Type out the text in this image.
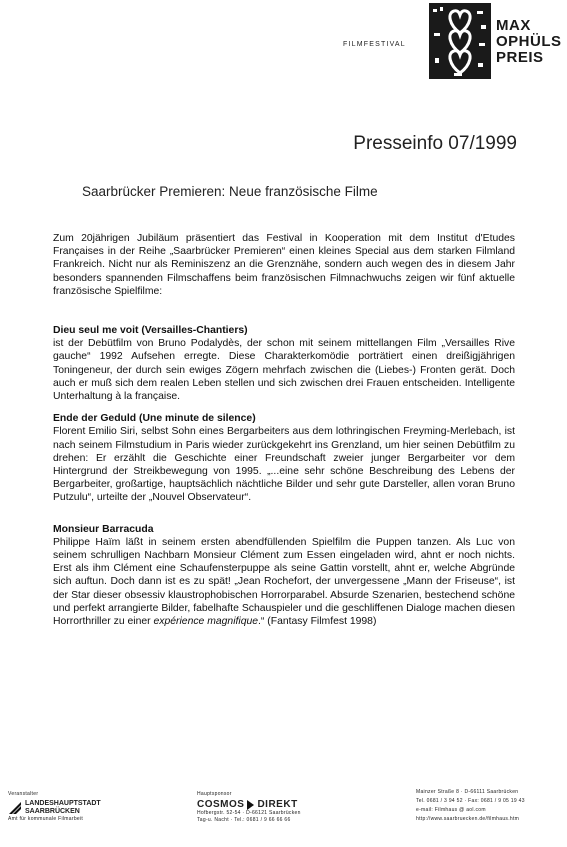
FILMFESTIVAL
MAX
OPHÜLS
PREIS
Presseinfo 07/1999
Saarbrücker Premieren: Neue französische Filme

Zum 20jährigen Jubiläum präsentiert das Festival in Kooperation mit dem Institut d'Etudes Françaises in der Reihe „Saarbrücker Premieren“ einen kleines Special aus dem starken Filmland Frankreich. Nicht nur als Reminiszenz an die Grenznähe, sondern auch wegen des in diesem Jahr besonders spannenden Filmschaffens beim französischen Filmnachwuchs zeigen wir fünf aktuelle französische Spielfilme:

Dieu seul me voit (Versailles-Chantiers)

ist der Debütfilm von Bruno Podalydès, der schon mit seinem mittellangen Film „Versailles Rive gauche“ 1992 Aufsehen erregte. Diese Charakterkomödie porträtiert einen dreißigjährigen Toningeneur, der durch sein ewiges Zögern mehrfach zwischen die (Liebes-) Fronten gerät. Doch auch er muß sich dem realen Leben stellen und sich zwischen drei Frauen entscheiden. Intelligente Unterhaltung à la française.

Ende der Geduld (Une minute de silence)

Florent Emilio Siri, selbst Sohn eines Bergarbeiters aus dem lothringischen Freyming-Merlebach, ist nach seinem Filmstudium in Paris wieder zurückgekehrt ins Grenzland, um hier seinen Debütfilm zu drehen: Er erzählt die Geschichte einer Freundschaft zweier junger Bergarbeiter vor dem Hintergrund der Streikbewegung von 1995. „...eine sehr schöne Beschreibung des Lebens der Bergarbeiter, großartige, hauptsächlich nächtliche Bilder und sehr gute Darsteller, allen voran Bruno Putzulu“, urteilte der „Nouvel Observateur“.

Monsieur Barracuda

Philippe Haïm läßt in seinem ersten abendfüllenden Spielfilm die Puppen tanzen. Als Luc von seinem schrulligen Nachbarn Monsieur Clément zum Essen eingeladen wird, ahnt er noch nichts. Erst als ihm Clément eine Schaufensterpuppe als seine Gattin vorstellt, ahnt er, welche Abgründe sich auftun. Doch dann ist es zu spät! „Jean Rochefort, der unvergessene „Mann der Friseuse“, ist der Star dieser obsessiv klaustrophobischen Horrorparabel. Absurde Szenarien, bestechend schöne und perfekt arrangierte Bilder, fabelhafte Schauspieler und die geschliffenen Dialoge machen diesen Horrorthriller zu einer expérience magnifique.“ (Fantasy Filmfest 1998)

Veranstalter
LANDESHAUPTSTADT
SAARBRÜCKEN
Amt für kommunale Filmarbeit
Hauptsponsor
COSMOS DIREKT
Hofbergstr. 52-54 · D-66121 Saarbrücken
Tag-u. Nacht · Tel.: 0681 / 9 66 66 66
Mainzer Straße 8 · D-66111 Saarbrücken
Tel. 0681 / 3 94 52 · Fax: 0681 / 9 05 19 43
e-mail: Filmhaus @ aol.com
http://www.saarbruecken.de/filmhaus.htm
